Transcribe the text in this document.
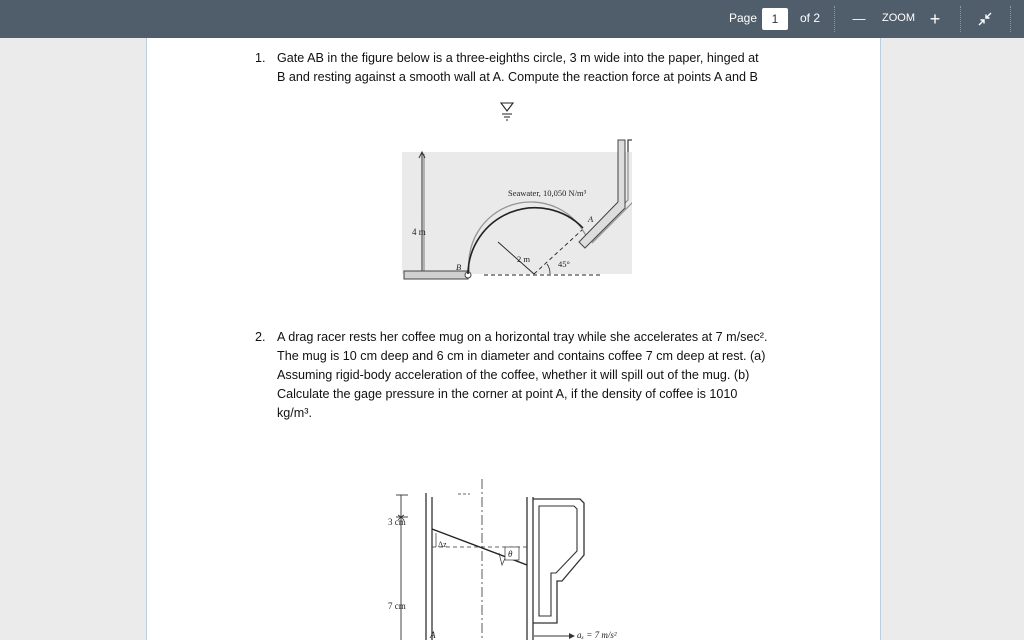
Page	1	of 2	—	ZOOM +
1. Gate AB in the figure below is a three-eighths circle, 3 m wide into the paper, hinged at
B and resting against a smooth wall at A. Compute the reaction force at points A and B
4 m
Seawater, 10,050 N/m³
2 m	45°
A
B
2. A drag racer rests her coffee mug on a horizontal tray while she accelerates at 7 m/sec².
The mug is 10 cm deep and 6 cm in diameter and contains coffee 7 cm deep at rest. (a)
Assuming rigid-body acceleration of the coffee, whether it will spill out of the mug. (b)
Calculate the gage pressure in the corner at point A, if the density of coffee is 1010
kg/m³.
3 cm
7 cm
Δz
θ
aₓ = 7 m/s²
A
